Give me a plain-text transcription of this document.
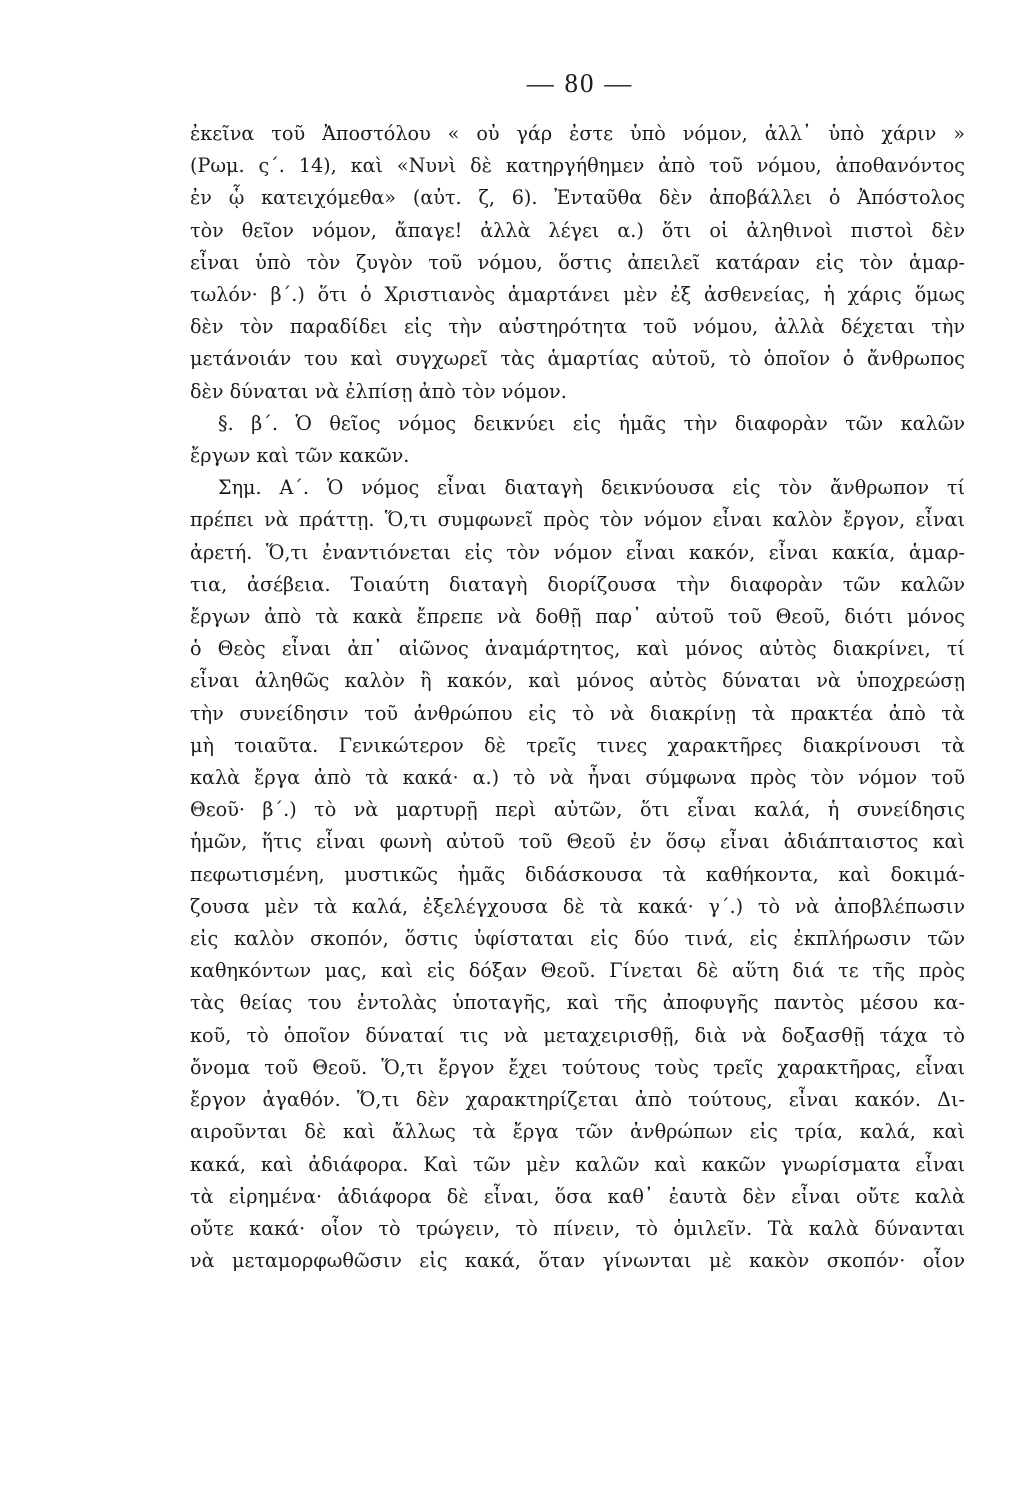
— 80 —
ἐκεῖνα τοῦ Ἀποστόλου « οὐ γάρ ἐστε ὑπὸ νόμον, ἀλλ᾿ ὑπὸ χάριν »
(Ρωμ. ς´. 14), καὶ «Νυνὶ δὲ κατηργήθημεν ἀπὸ τοῦ νόμου, ἀποθανόντος
ἐν ᾧ κατειχόμεθα» (αὐτ. ζ, 6). Ἐνταῦθα δὲν ἀποβάλλει ὁ Ἀπόστολος
τὸν θεῖον νόμον, ἄπαγε! ἀλλὰ λέγει α.) ὅτι οἱ ἀληθινοὶ πιστοὶ δὲν
εἶναι ὑπὸ τὸν ζυγὸν τοῦ νόμου, ὅστις ἀπειλεῖ κατάραν εἰς τὸν ἁμαρ-
τωλόν· β´.) ὅτι ὁ Χριστιανὸς ἁμαρτάνει μὲν ἐξ ἀσθενείας, ἡ χάρις ὅμως
δὲν τὸν παραδίδει εἰς τὴν αὐστηρότητα τοῦ νόμου, ἀλλὰ δέχεται τὴν
μετάνοιάν του καὶ συγχωρεῖ τὰς ἁμαρτίας αὐτοῦ, τὸ ὁποῖον ὁ ἄνθρωπος
δὲν δύναται νὰ ἐλπίσῃ ἀπὸ τὸν νόμον.
§. β´. Ὁ θεῖος νόμος δεικνύει εἰς ἡμᾶς τὴν διαφορὰν τῶν καλῶν
ἔργων καὶ τῶν κακῶν.
Σημ. Α´. Ὁ νόμος εἶναι διαταγὴ δεικνύουσα εἰς τὸν ἄνθρωπον τί
πρέπει νὰ πράττῃ. Ὅ,τι συμφωνεῖ πρὸς τὸν νόμον εἶναι καλὸν ἔργον, εἶναι
ἀρετή. Ὅ,τι ἐναντιόνεται εἰς τὸν νόμον εἶναι κακόν, εἶναι κακία, ἁμαρ-
τια, ἀσέβεια. Τοιαύτη διαταγὴ διορίζουσα τὴν διαφορὰν τῶν καλῶν
ἔργων ἀπὸ τὰ κακὰ ἔπρεπε νὰ δοθῇ παρ᾿ αὐτοῦ τοῦ Θεοῦ, διότι μόνος
ὁ Θεὸς εἶναι ἀπ᾿ αἰῶνος ἀναμάρτητος, καὶ μόνος αὐτὸς διακρίνει, τί
εἶναι ἀληθῶς καλὸν ἢ κακόν, καὶ μόνος αὐτὸς δύναται νὰ ὑποχρεώσῃ
τὴν συνείδησιν τοῦ ἀνθρώπου εἰς τὸ νὰ διακρίνῃ τὰ πρακτέα ἀπὸ τὰ
μὴ τοιαῦτα. Γενικώτερον δὲ τρεῖς τινες χαρακτῆρες διακρίνουσι τὰ
καλὰ ἔργα ἀπὸ τὰ κακά· α.) τὸ νὰ ἦναι σύμφωνα πρὸς τὸν νόμον τοῦ
Θεοῦ· β´.) τὸ νὰ μαρτυρῇ περὶ αὐτῶν, ὅτι εἶναι καλά, ἡ συνείδησις
ἡμῶν, ἥτις εἶναι φωνὴ αὐτοῦ τοῦ Θεοῦ ἐν ὅσῳ εἶναι ἀδιάπταιστος καὶ
πεφωτισμένη, μυστικῶς ἡμᾶς διδάσκουσα τὰ καθήκοντα, καὶ δοκιμά-
ζουσα μὲν τὰ καλά, ἐξελέγχουσα δὲ τὰ κακά· γ´.) τὸ νὰ ἀποβλέπωσιν
εἰς καλὸν σκοπόν, ὅστις ὑφίσταται εἰς δύο τινά, εἰς ἐκπλήρωσιν τῶν
καθηκόντων μας, καὶ εἰς δόξαν Θεοῦ. Γίνεται δὲ αὕτη διά τε τῆς πρὸς
τὰς θείας του ἐντολὰς ὑποταγῆς, καὶ τῆς ἀποφυγῆς παντὸς μέσου κα-
κοῦ, τὸ ὁποῖον δύναταί τις νὰ μεταχειρισθῇ, διὰ νὰ δοξασθῇ τάχα τὸ
ὄνομα τοῦ Θεοῦ. Ὅ,τι ἔργον ἔχει τούτους τοὺς τρεῖς χαρακτῆρας, εἶναι
ἔργον ἀγαθόν. Ὅ,τι δὲν χαρακτηρίζεται ἀπὸ τούτους, εἶναι κακόν. Δι-
αιροῦνται δὲ καὶ ἄλλως τὰ ἔργα τῶν ἀνθρώπων εἰς τρία, καλά, καὶ
κακά, καὶ ἀδιάφορα. Καὶ τῶν μὲν καλῶν καὶ κακῶν γνωρίσματα εἶναι
τὰ εἰρημένα· ἀδιάφορα δὲ εἶναι, ὅσα καθ᾿ ἑαυτὰ δὲν εἶναι οὔτε καλὰ
οὔτε κακά· οἷον τὸ τρώγειν, τὸ πίνειν, τὸ ὁμιλεῖν. Τὰ καλὰ δύνανται
νὰ μεταμορφωθῶσιν εἰς κακά, ὅταν γίνωνται μὲ κακὸν σκοπόν· οἷον
